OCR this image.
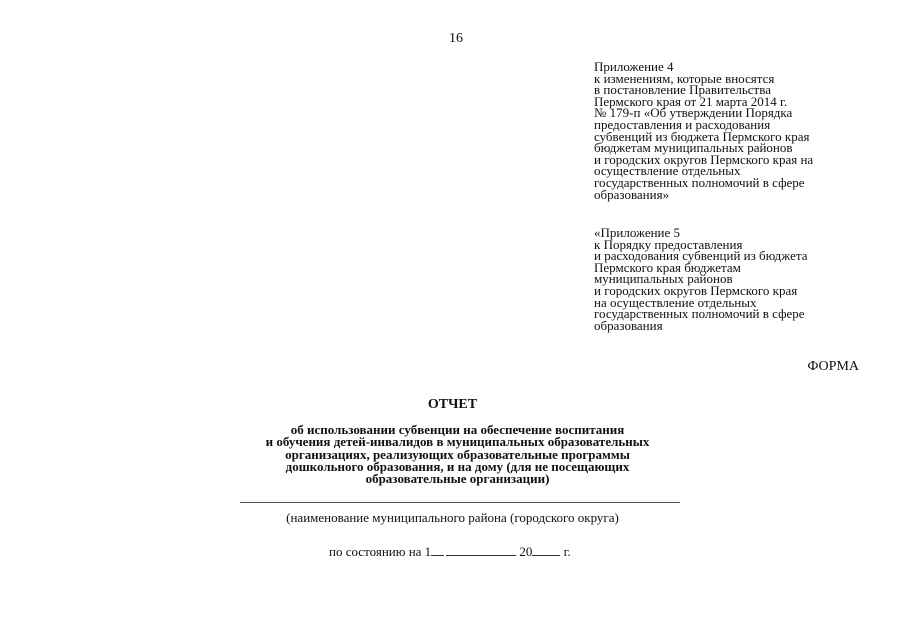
16
Приложение 4
к изменениям, которые вносятся
в постановление Правительства
Пермского края от 21 марта 2014 г.
№ 179-п «Об утверждении Порядка
предоставления и расходования
субвенций из бюджета Пермского края
бюджетам муниципальных районов
и городских округов Пермского края на
осуществление отдельных
государственных полномочий в сфере
образования»
«Приложение 5
к Порядку предоставления
и расходования субвенций из бюджета
Пермского края бюджетам
муниципальных районов
и городских округов Пермского края
на осуществление отдельных
государственных полномочий в сфере
образования
ФОРМА
ОТЧЕТ
об использовании субвенции на обеспечение воспитания
и обучения детей-инвалидов в муниципальных образовательных
организациях, реализующих образовательные программы
дошкольного образования, и на дому (для не посещающих
образовательные организации)
(наименование муниципального района (городского округа)
по состоянию на 1	20 г.
